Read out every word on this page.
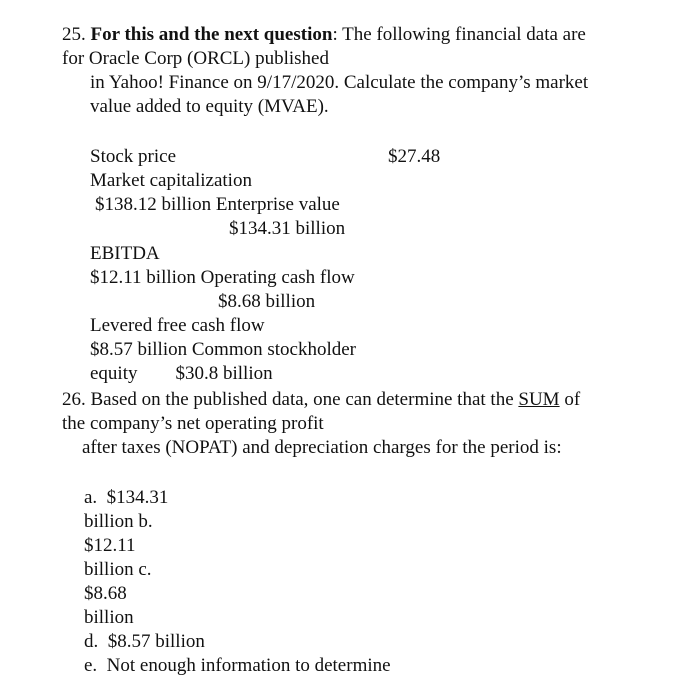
25. For this and the next question: The following financial data are
for Oracle Corp (ORCL) published
in Yahoo! Finance on 9/17/2020. Calculate the company’s market
value added to equity (MVAE).
Stock price	$27.48
Market capitalization
$138.12 billion Enterprise value
$134.31 billion
EBITDA
$12.11 billion Operating cash flow
$8.68 billion
Levered free cash flow
$8.57 billion Common stockholder
equity        $30.8 billion
26. Based on the published data, one can determine that the SUM of
the company’s net operating profit
after taxes (NOPAT) and depreciation charges for the period is:
a.  $134.31
billion b.
$12.11
billion c.
$8.68
billion
d.  $8.57 billion
e.  Not enough information to determine
